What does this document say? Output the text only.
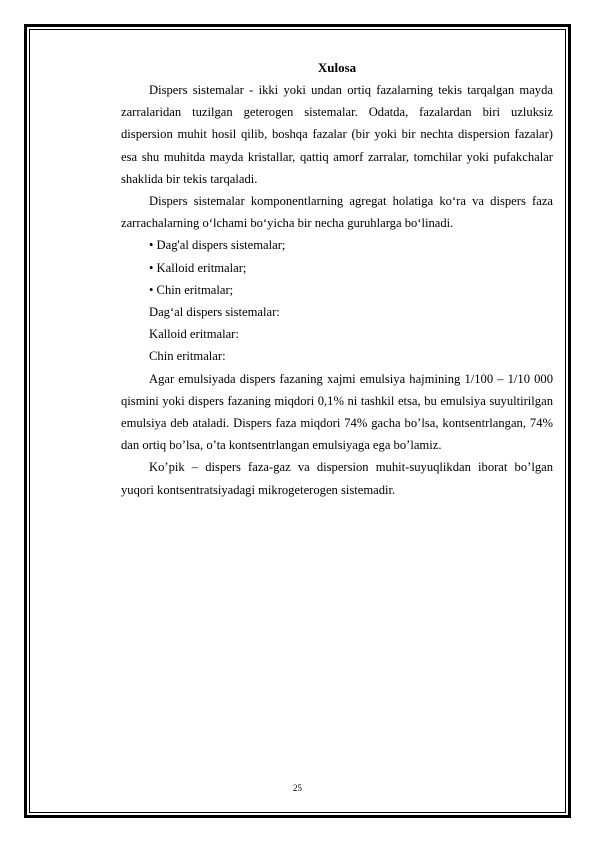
Xulosa

Dispers sistemalar - ikki yoki undan ortiq fazalarning tekis tarqalgan mayda zarralaridan tuzilgan geterogen sistemalar. Odatda, fazalardan biri uzluksiz dispersion muhit hosil qilib, boshqa fazalar (bir yoki bir nechta dispersion fazalar) esa shu muhitda mayda kristallar, qattiq amorf zarralar, tomchilar yoki pufakchalar shaklida bir tekis tarqaladi.

Dispers sistemalar komponentlarning agregat holatiga ko‘ra va dispers faza zarrachalarning o‘lchami bo‘yicha bir necha guruhlarga bo‘linadi.

• Dag'al dispers sistemalar;

• Kalloid eritmalar;

• Chin eritmalar;

Dag‘al dispers sistemalar:

Kalloid eritmalar:

Chin eritmalar:

Agar emulsiyada dispers fazaning xajmi emulsiya hajmining 1/100 – 1/10 000 qismini yoki dispers fazaning miqdori 0,1% ni tashkil etsa, bu emulsiya suyultirilgan emulsiya deb ataladi. Dispers faza miqdori 74% gacha bo’lsa, kontsentrlangan, 74% dan ortiq bo’lsa, o’ta kontsentrlangan emulsiyaga ega bo’lamiz.

Ko’pik – dispers faza-gaz va dispersion muhit-suyuqlikdan iborat bo’lgan yuqori kontsentratsiyadagi mikrogeterogen sistemadir.

25
